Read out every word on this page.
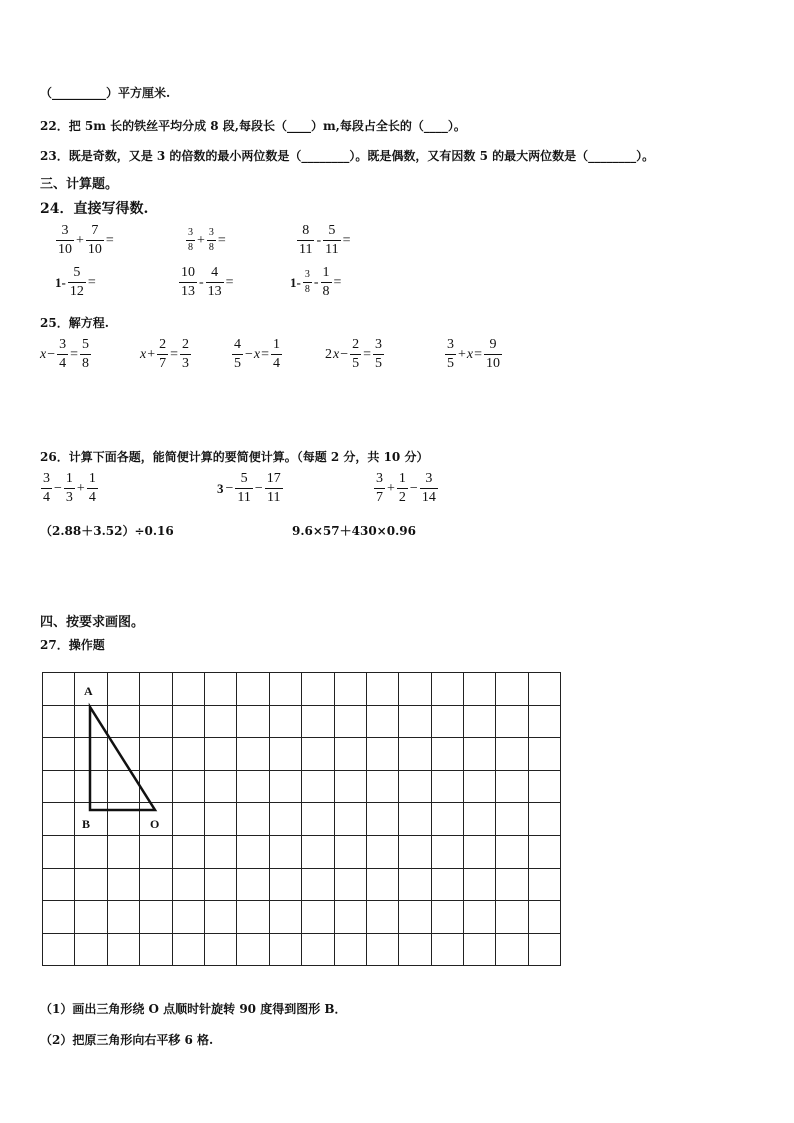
（_________）平方厘米.
22．把 5m 长的铁丝平均分成 8 段,每段长（____）m,每段占全长的（____）。
23．既是奇数，又是 3 的倍数的最小两位数是（________）。既是偶数，又有因数 5 的最大两位数是（________）。
三、计算题。
24．直接写得数.
$\frac{3}{10} + \frac{7}{10}$ =	$\frac{3}{8} + \frac{3}{8}$ =	$\frac{8}{11} - \frac{5}{11}$ =
$1- \frac{5}{12}$ =	$\frac{10}{13} - \frac{4}{13}$ =	$1- \frac{3}{8} - \frac{1}{8}$ =
25．解方程.
$x - \frac{3}{4} = \frac{5}{8}$	$x + \frac{2}{7} = \frac{2}{3}$	$\frac{4}{5} - x = \frac{1}{4}$	2 $x - \frac{2}{5} = \frac{3}{5}$	$\frac{3}{5} + x = \frac{9}{10}$
26．计算下面各题，能简便计算的要简便计算。（每题 2 分，共 10 分）
$\frac{3}{4} - \frac{1}{3} + \frac{1}{4}$	$3 - \frac{5}{11} - \frac{17}{11}$	$\frac{3}{7} + \frac{1}{2} - \frac{3}{14}$
（2.88＋3.52）÷0.16	9.6×57＋430×0.96
四、按要求画图。
27．操作题

A
B	O
（1）画出三角形绕 O 点顺时针旋转 90 度得到图形 B．
（2）把原三角形向右平移 6 格.
